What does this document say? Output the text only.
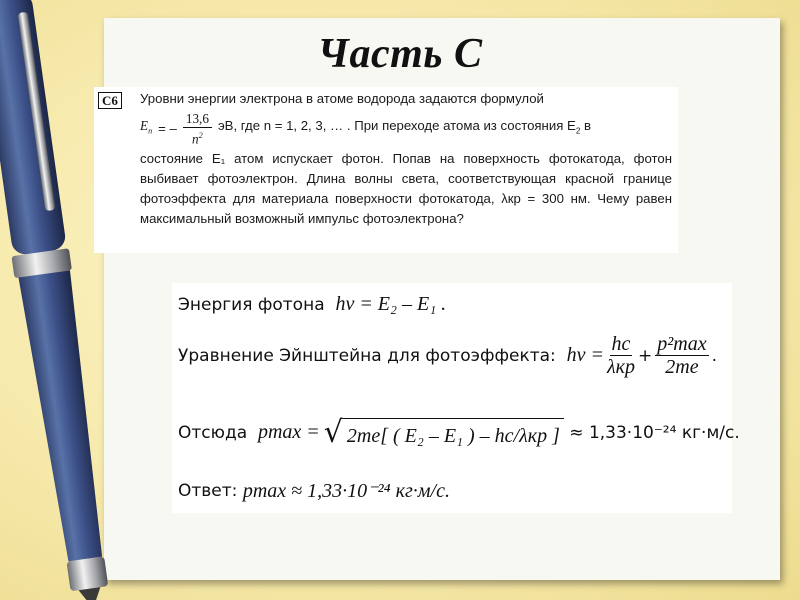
Часть С
С6	Уровни энергии электрона в атоме водорода задаются формулой

$E_n$ = – $\frac{13,6}{n^2}$ эВ, где n = 1, 2, 3, … . При переходе атома из состояния $E_2$ в

состояние E₁ атом испускает фотон. Попав на поверхность фотокатода, фотон выбивает фотоэлектрон. Длина волны света, соответствующая красной границе фотоэффекта для материала поверхности фотокатода, λкр = 300 нм. Чему равен максимальный возможный импульс фотоэлектрона?

Энергия фотона
hν = E₂ – E₁ .
Уравнение Эйнштейна для фотоэффекта:
$h\nu = \frac{hc}{\text{λкр}} + \frac{\text{p²max}}{2me}$ .
Отсюда
pmax = √ 2me[ ( E₂ – E₁ ) – hc/λкр ]
≈ 1,33·10⁻²⁴ кг·м/с.
Ответ:
pmax ≈ 1,33·10⁻²⁴ кг·м/с.
